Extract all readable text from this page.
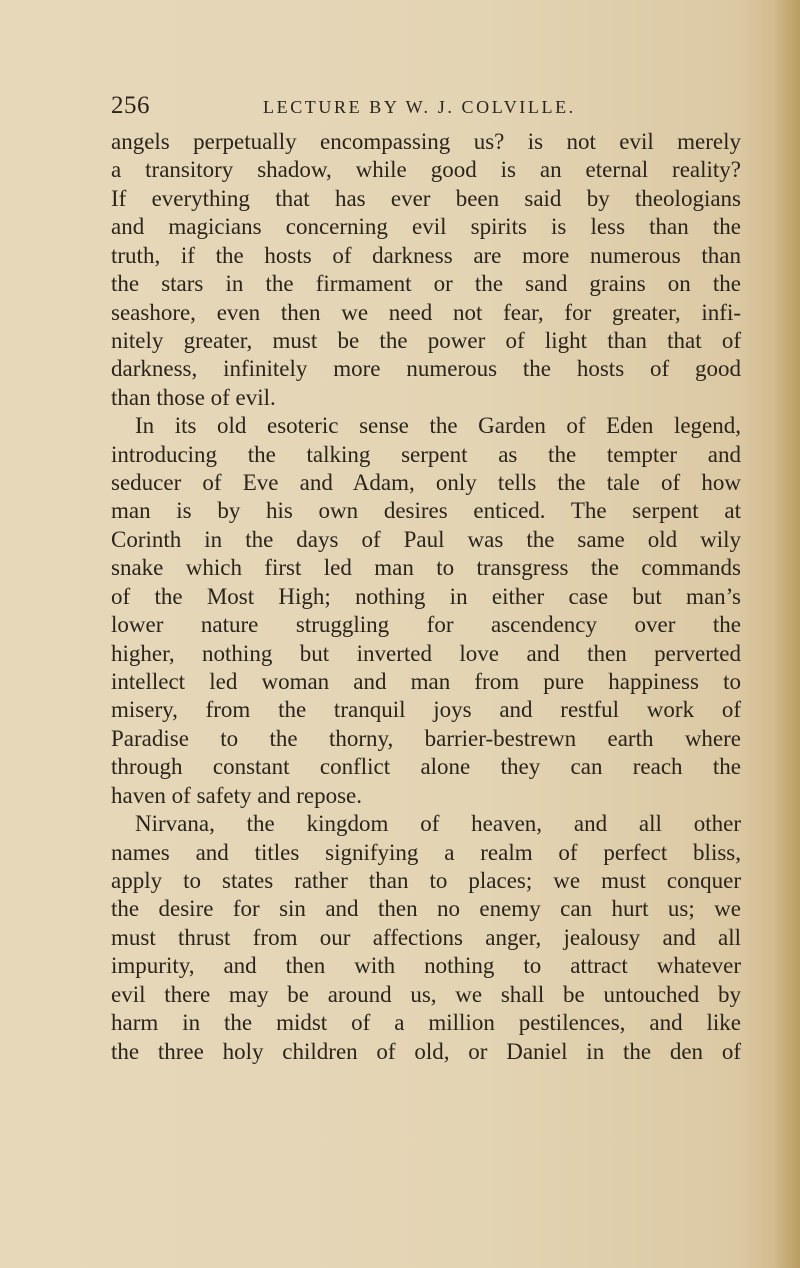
256	LECTURE BY W. J. COLVILLE.
angels perpetually encompassing us? is not evil merely
a transitory shadow, while good is an eternal reality?
If everything that has ever been said by theologians
and magicians concerning evil spirits is less than the
truth, if the hosts of darkness are more numerous than
the stars in the firmament or the sand grains on the
seashore, even then we need not fear, for greater, infi-
nitely greater, must be the power of light than that of
darkness, infinitely more numerous the hosts of good
than those of evil.
In its old esoteric sense the Garden of Eden legend,
introducing the talking serpent as the tempter and
seducer of Eve and Adam, only tells the tale of how
man is by his own desires enticed. The serpent at
Corinth in the days of Paul was the same old wily
snake which first led man to transgress the commands
of the Most High; nothing in either case but man’s
lower nature struggling for ascendency over the
higher, nothing but inverted love and then perverted
intellect led woman and man from pure happiness to
misery, from the tranquil joys and restful work of
Paradise to the thorny, barrier-bestrewn earth where
through constant conflict alone they can reach the
haven of safety and repose.
Nirvana, the kingdom of heaven, and all other
names and titles signifying a realm of perfect bliss,
apply to states rather than to places; we must conquer
the desire for sin and then no enemy can hurt us; we
must thrust from our affections anger, jealousy and all
impurity, and then with nothing to attract whatever
evil there may be around us, we shall be untouched by
harm in the midst of a million pestilences, and like
the three holy children of old, or Daniel in the den of
